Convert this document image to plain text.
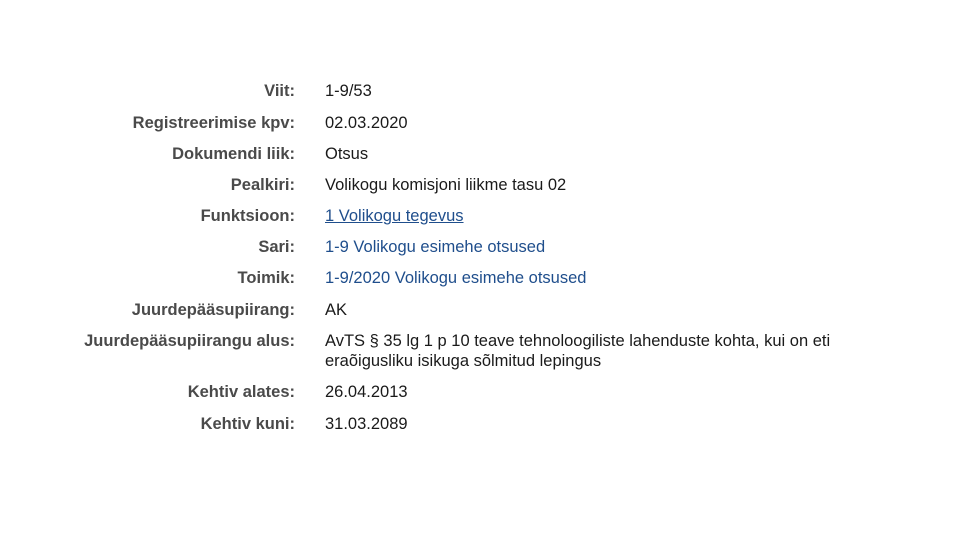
Viit: 1-9/53
Registreerimise kpv: 02.03.2020
Dokumendi liik: Otsus
Pealkiri: Volikogu komisjoni liikme tasu 02
Funktsioon: 1 Volikogu tegevus
Sari: 1-9 Volikogu esimehe otsused
Toimik: 1-9/2020 Volikogu esimehe otsused
Juurdepääsupiirang: AK
Juurdepääsupiirangu alus: AvTS § 35 lg 1 p 10 teave tehnoloogiliste lahenduste kohta, kui on eti
eraõigusliku isikuga sõlmitud lepingus
Kehtiv alates: 26.04.2013
Kehtiv kuni: 31.03.2089
